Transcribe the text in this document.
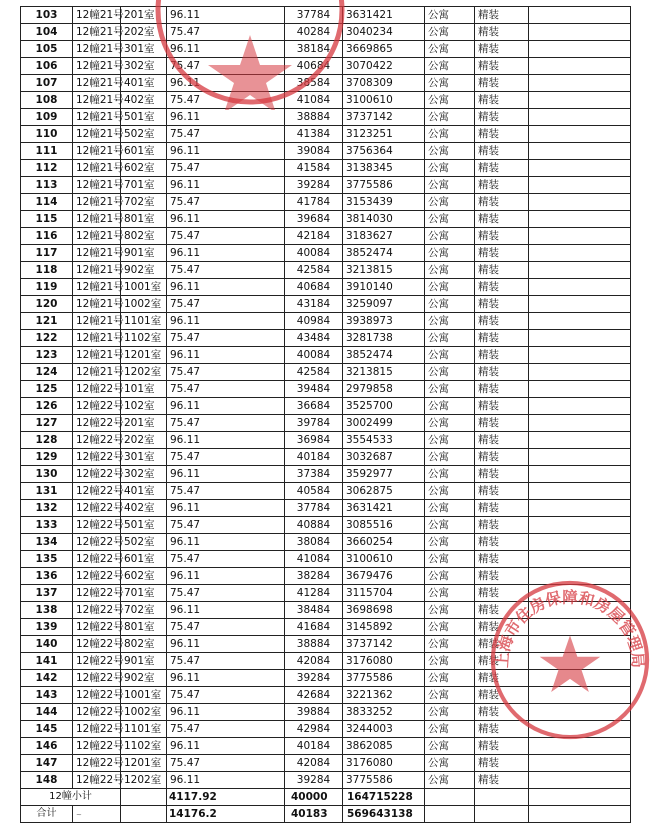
103	12幢21号	201室	96.11	37784	3631421	公寓	精装	
104	12幢21号	202室	75.47	40284	3040234	公寓	精装	
105	12幢21号	301室	96.11	38184	3669865	公寓	精装	
106	12幢21号	302室	75.47	40684	3070422	公寓	精装	
107	12幢21号	401室	96.11	38584	3708309	公寓	精装	
108	12幢21号	402室	75.47	41084	3100610	公寓	精装	
109	12幢21号	501室	96.11	38884	3737142	公寓	精装	
110	12幢21号	502室	75.47	41384	3123251	公寓	精装	
111	12幢21号	601室	96.11	39084	3756364	公寓	精装	
112	12幢21号	602室	75.47	41584	3138345	公寓	精装	
113	12幢21号	701室	96.11	39284	3775586	公寓	精装	
114	12幢21号	702室	75.47	41784	3153439	公寓	精装	
115	12幢21号	801室	96.11	39684	3814030	公寓	精装	
116	12幢21号	802室	75.47	42184	3183627	公寓	精装	
117	12幢21号	901室	96.11	40084	3852474	公寓	精装	
118	12幢21号	902室	75.47	42584	3213815	公寓	精装	
119	12幢21号	1001室	96.11	40684	3910140	公寓	精装	
120	12幢21号	1002室	75.47	43184	3259097	公寓	精装	
121	12幢21号	1101室	96.11	40984	3938973	公寓	精装	
122	12幢21号	1102室	75.47	43484	3281738	公寓	精装	
123	12幢21号	1201室	96.11	40084	3852474	公寓	精装	
124	12幢21号	1202室	75.47	42584	3213815	公寓	精装	
125	12幢22号	101室	75.47	39484	2979858	公寓	精装	
126	12幢22号	102室	96.11	36684	3525700	公寓	精装	
127	12幢22号	201室	75.47	39784	3002499	公寓	精装	
128	12幢22号	202室	96.11	36984	3554533	公寓	精装	
129	12幢22号	301室	75.47	40184	3032687	公寓	精装	
130	12幢22号	302室	96.11	37384	3592977	公寓	精装	
131	12幢22号	401室	75.47	40584	3062875	公寓	精装	
132	12幢22号	402室	96.11	37784	3631421	公寓	精装	
133	12幢22号	501室	75.47	40884	3085516	公寓	精装	
134	12幢22号	502室	96.11	38084	3660254	公寓	精装	
135	12幢22号	601室	75.47	41084	3100610	公寓	精装	
136	12幢22号	602室	96.11	38284	3679476	公寓	精装	
137	12幢22号	701室	75.47	41284	3115704	公寓	精装	
138	12幢22号	702室	96.11	38484	3698698	公寓	精装	
139	12幢22号	801室	75.47	41684	3145892	公寓	精装	
140	12幢22号	802室	96.11	38884	3737142	公寓	精装	
141	12幢22号	901室	75.47	42084	3176080	公寓	精装	
142	12幢22号	902室	96.11	39284	3775586	公寓	精装	
143	12幢22号	1001室	75.47	42684	3221362	公寓	精装	
144	12幢22号	1002室	96.11	39884	3833252	公寓	精装	
145	12幢22号	1101室	75.47	42984	3244003	公寓	精装	
146	12幢22号	1102室	96.11	40184	3862085	公寓	精装	
147	12幢22号	1201室	75.47	42084	3176080	公寓	精装	
148	12幢22号	1202室	96.11	39284	3775586	公寓	精装	
12幢小计			4117.92	40000	164715228			
合计	~		14176.2	40183	569643138			
上海市住房保障和房屋管理局
